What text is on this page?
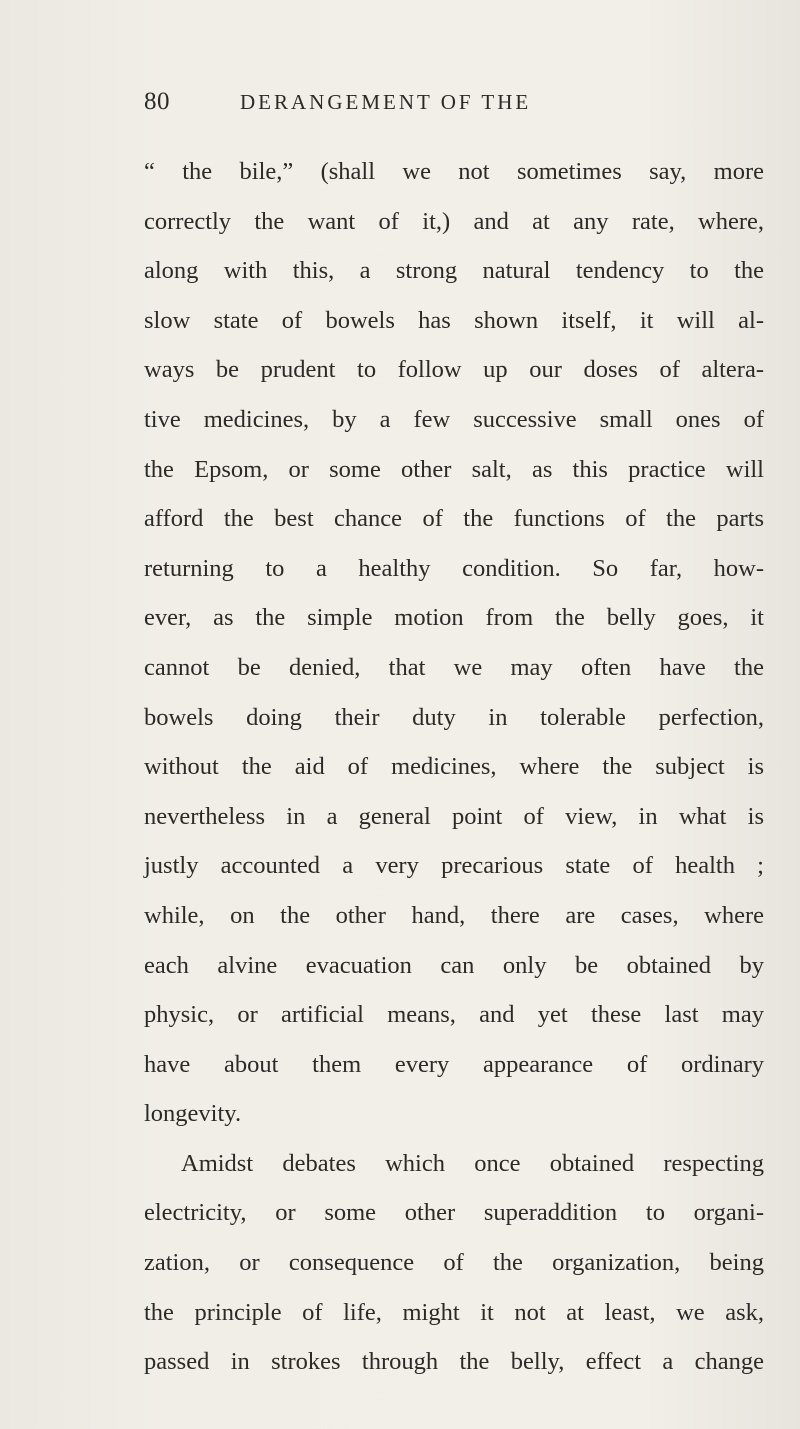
80	DERANGEMENT OF THE
“ the bile,” (shall we not sometimes say, more
correctly the want of it,) and at any rate, where,
along with this, a strong natural tendency to the
slow state of bowels has shown itself, it will al-
ways be prudent to follow up our doses of altera-
tive medicines, by a few successive small ones of
the Epsom, or some other salt, as this practice will
afford the best chance of the functions of the parts
returning to a healthy condition. So far, how-
ever, as the simple motion from the belly goes, it
cannot be denied, that we may often have the
bowels doing their duty in tolerable perfection,
without the aid of medicines, where the subject is
nevertheless in a general point of view, in what is
justly accounted a very precarious state of health ;
while, on the other hand, there are cases, where
each alvine evacuation can only be obtained by
physic, or artificial means, and yet these last may
have about them every appearance of ordinary
longevity.
Amidst debates which once obtained respecting
electricity, or some other superaddition to organi-
zation, or consequence of the organization, being
the principle of life, might it not at least, we ask,
passed in strokes through the belly, effect a change
